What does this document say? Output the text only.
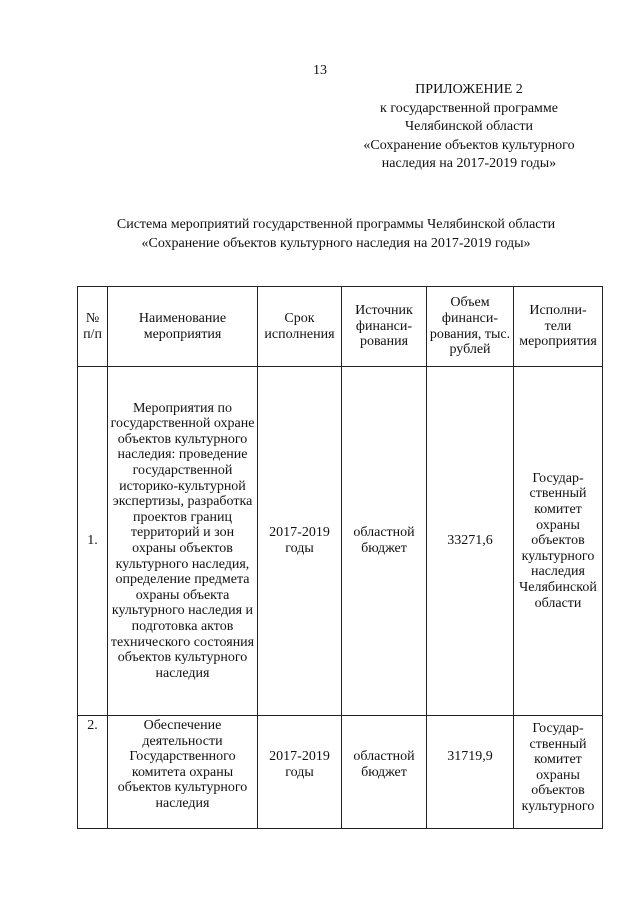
13
ПРИЛОЖЕНИЕ 2
к государственной программе
Челябинской области
«Сохранение объектов культурного
наследия на 2017-2019 годы»
Система мероприятий государственной программы Челябинской области
«Сохранение объектов культурного наследия на 2017-2019 годы»
№ п/п	Наименование мероприятия	Срок исполнения	Источник финанси-рования	Объем финанси-рования, тыс. рублей	Исполни-тели мероприятия
1.	Мероприятия по государственной охране объектов культурного наследия: проведение государственной историко-культурной экспертизы, разработка проектов границ территорий и зон охраны объектов культурного наследия, определение предмета охраны объекта культурного наследия и подготовка актов технического состояния объектов культурного наследия	2017-2019 годы	областной бюджет	33271,6	Государ-ственный комитет охраны объектов культурного наследия Челябинской области
2.	Обеспечение деятельности Государственного комитета охраны объектов культурного наследия	2017-2019 годы	областной бюджет	31719,9	Государ-ственный комитет охраны объектов культурного
